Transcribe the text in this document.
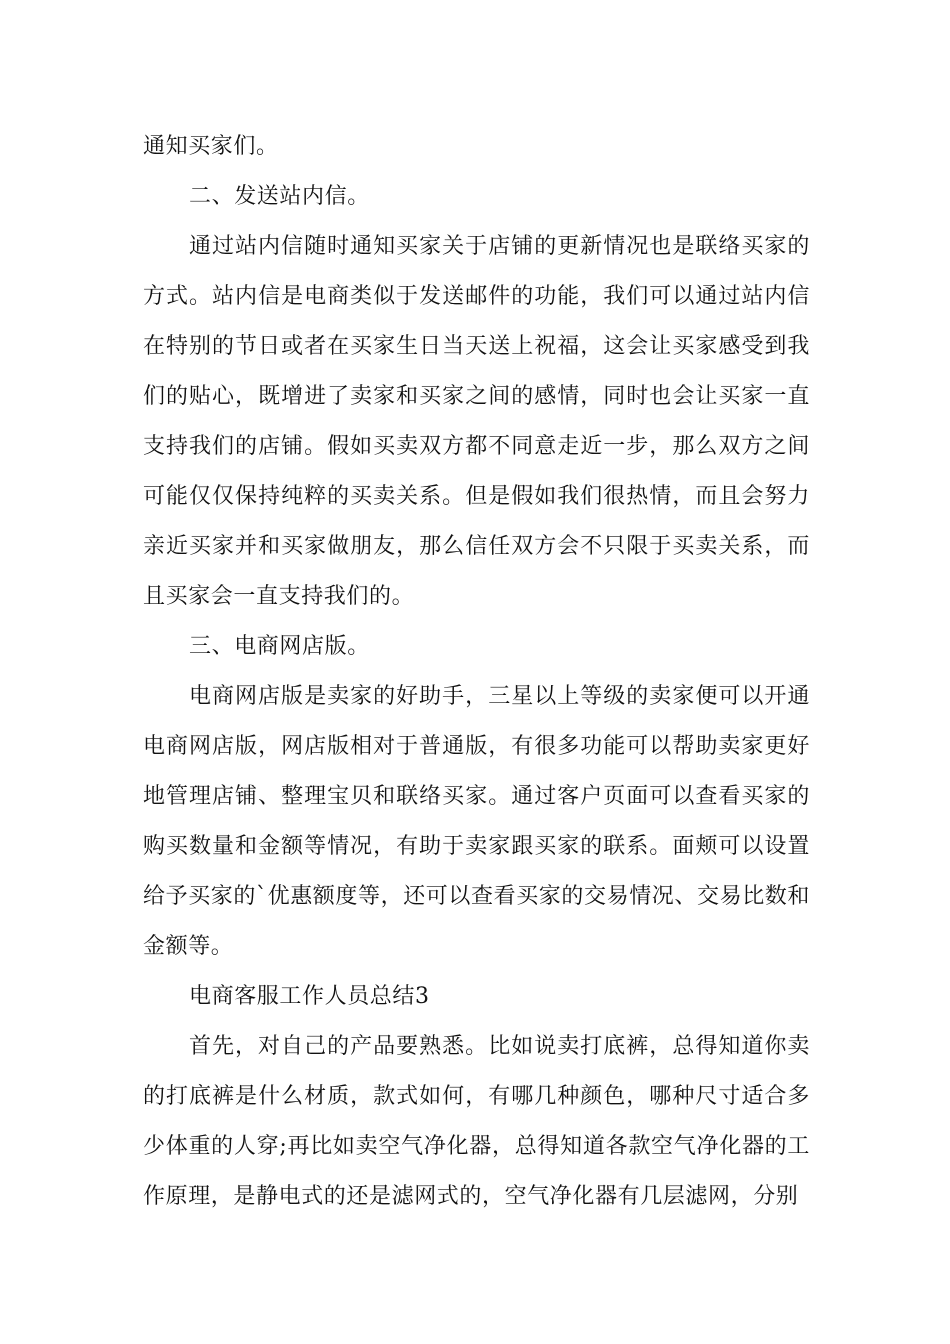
通知买家们。

二、发送站内信。

通过站内信随时通知买家关于店铺的更新情况也是联络买家的方式。站内信是电商类似于发送邮件的功能，我们可以通过站内信在特别的节日或者在买家生日当天送上祝福，这会让买家感受到我们的贴心，既增进了卖家和买家之间的感情，同时也会让买家一直支持我们的店铺。假如买卖双方都不同意走近一步，那么双方之间可能仅仅保持纯粹的买卖关系。但是假如我们很热情，而且会努力亲近买家并和买家做朋友，那么信任双方会不只限于买卖关系，而且买家会一直支持我们的。

三、电商网店版。

电商网店版是卖家的好助手，三星以上等级的卖家便可以开通电商网店版，网店版相对于普通版，有很多功能可以帮助卖家更好地管理店铺、整理宝贝和联络买家。通过客户页面可以查看买家的购买数量和金额等情况，有助于卖家跟买家的联系。面颊可以设置给予买家的`优惠额度等，还可以查看买家的交易情况、交易比数和金额等。

电商客服工作人员总结3

首先，对自己的产品要熟悉。比如说卖打底裤，总得知道你卖的打底裤是什么材质，款式如何，有哪几种颜色，哪种尺寸适合多少体重的人穿;再比如卖空气净化器，总得知道各款空气净化器的工作原理，是静电式的还是滤网式的，空气净化器有几层滤网，分别
